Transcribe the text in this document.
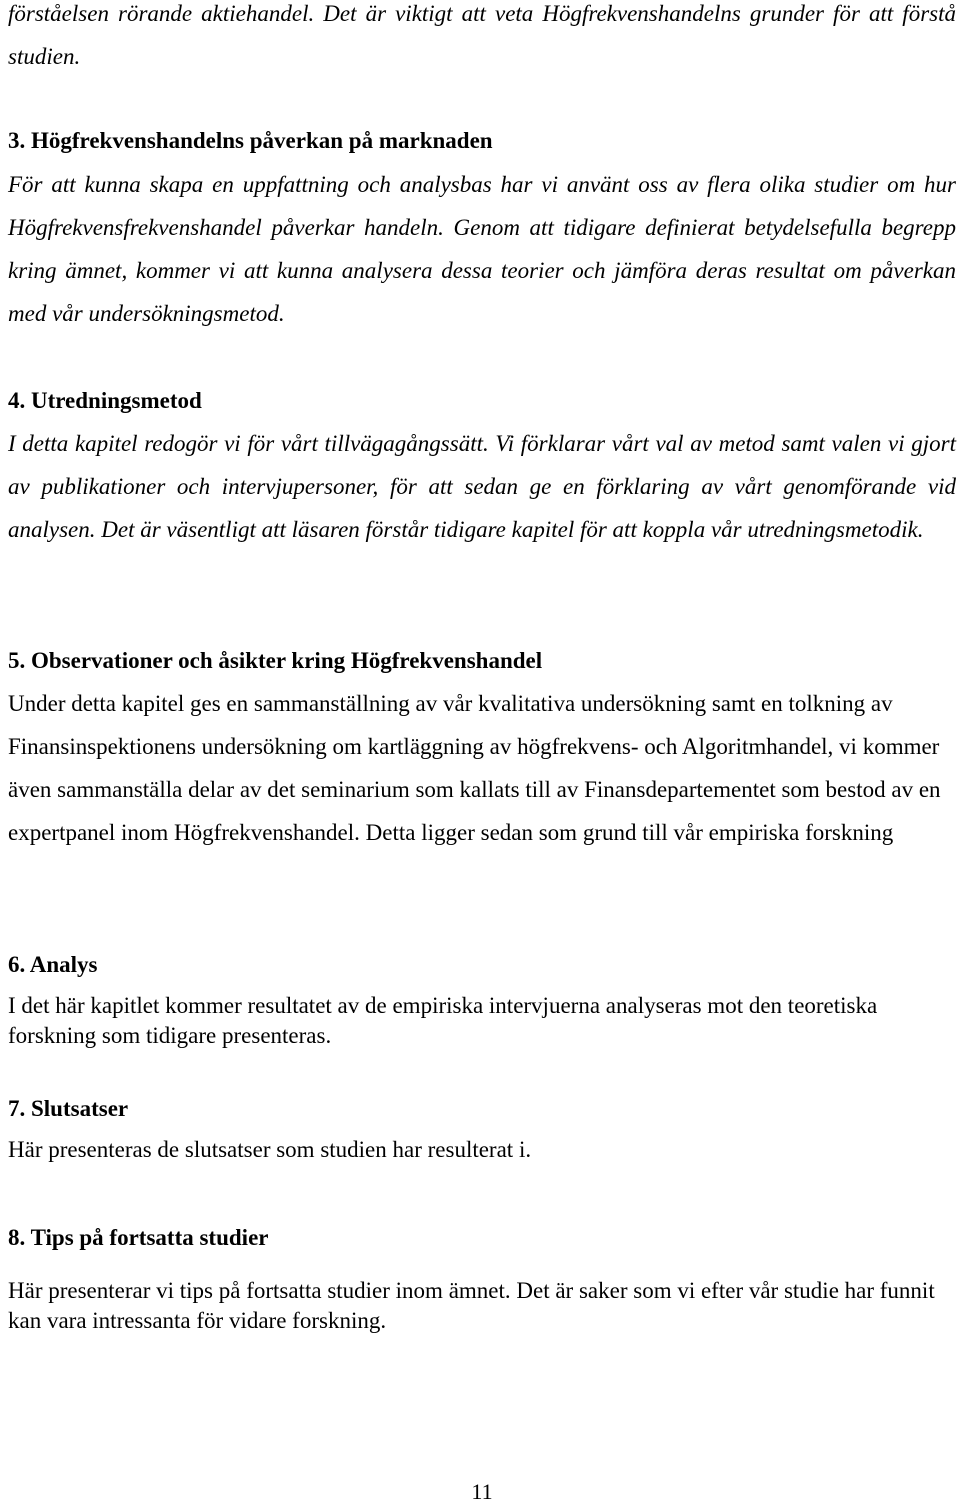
förståelsen rörande aktiehandel. Det är viktigt att veta Högfrekvenshandelns grunder för att förstå studien.

3. Högfrekvenshandelns påverkan på marknaden

För att kunna skapa en uppfattning och analysbas har vi använt oss av flera olika studier om hur Högfrekvensfrekvenshandel påverkar handeln. Genom att tidigare definierat betydelsefulla begrepp kring ämnet, kommer vi att kunna analysera dessa teorier och jämföra deras resultat om påverkan med vår undersökningsmetod.

4. Utredningsmetod

I detta kapitel redogör vi för vårt tillvägagångssätt. Vi förklarar vårt val av metod samt valen vi gjort av publikationer och intervjupersoner, för att sedan ge en förklaring av vårt genomförande vid analysen. Det är väsentligt att läsaren förstår tidigare kapitel för att koppla vår utredningsmetodik.

5. Observationer och åsikter kring Högfrekvenshandel

Under detta kapitel ges en sammanställning av vår kvalitativa undersökning samt en tolkning av Finansinspektionens undersökning om kartläggning av högfrekvens- och Algoritmhandel, vi kommer även sammanställa delar av det seminarium som kallats till av Finansdepartementet som bestod av en expertpanel inom Högfrekvenshandel. Detta ligger sedan som grund till vår empiriska forskning

6. Analys

I det här kapitlet kommer resultatet av de empiriska intervjuerna analyseras mot den teoretiska forskning som tidigare presenteras.

7. Slutsatser

Här presenteras de slutsatser som studien har resulterat i.

8. Tips på fortsatta studier

Här presenterar vi tips på fortsatta studier inom ämnet. Det är saker som vi efter vår studie har funnit kan vara intressanta för vidare forskning.

11
